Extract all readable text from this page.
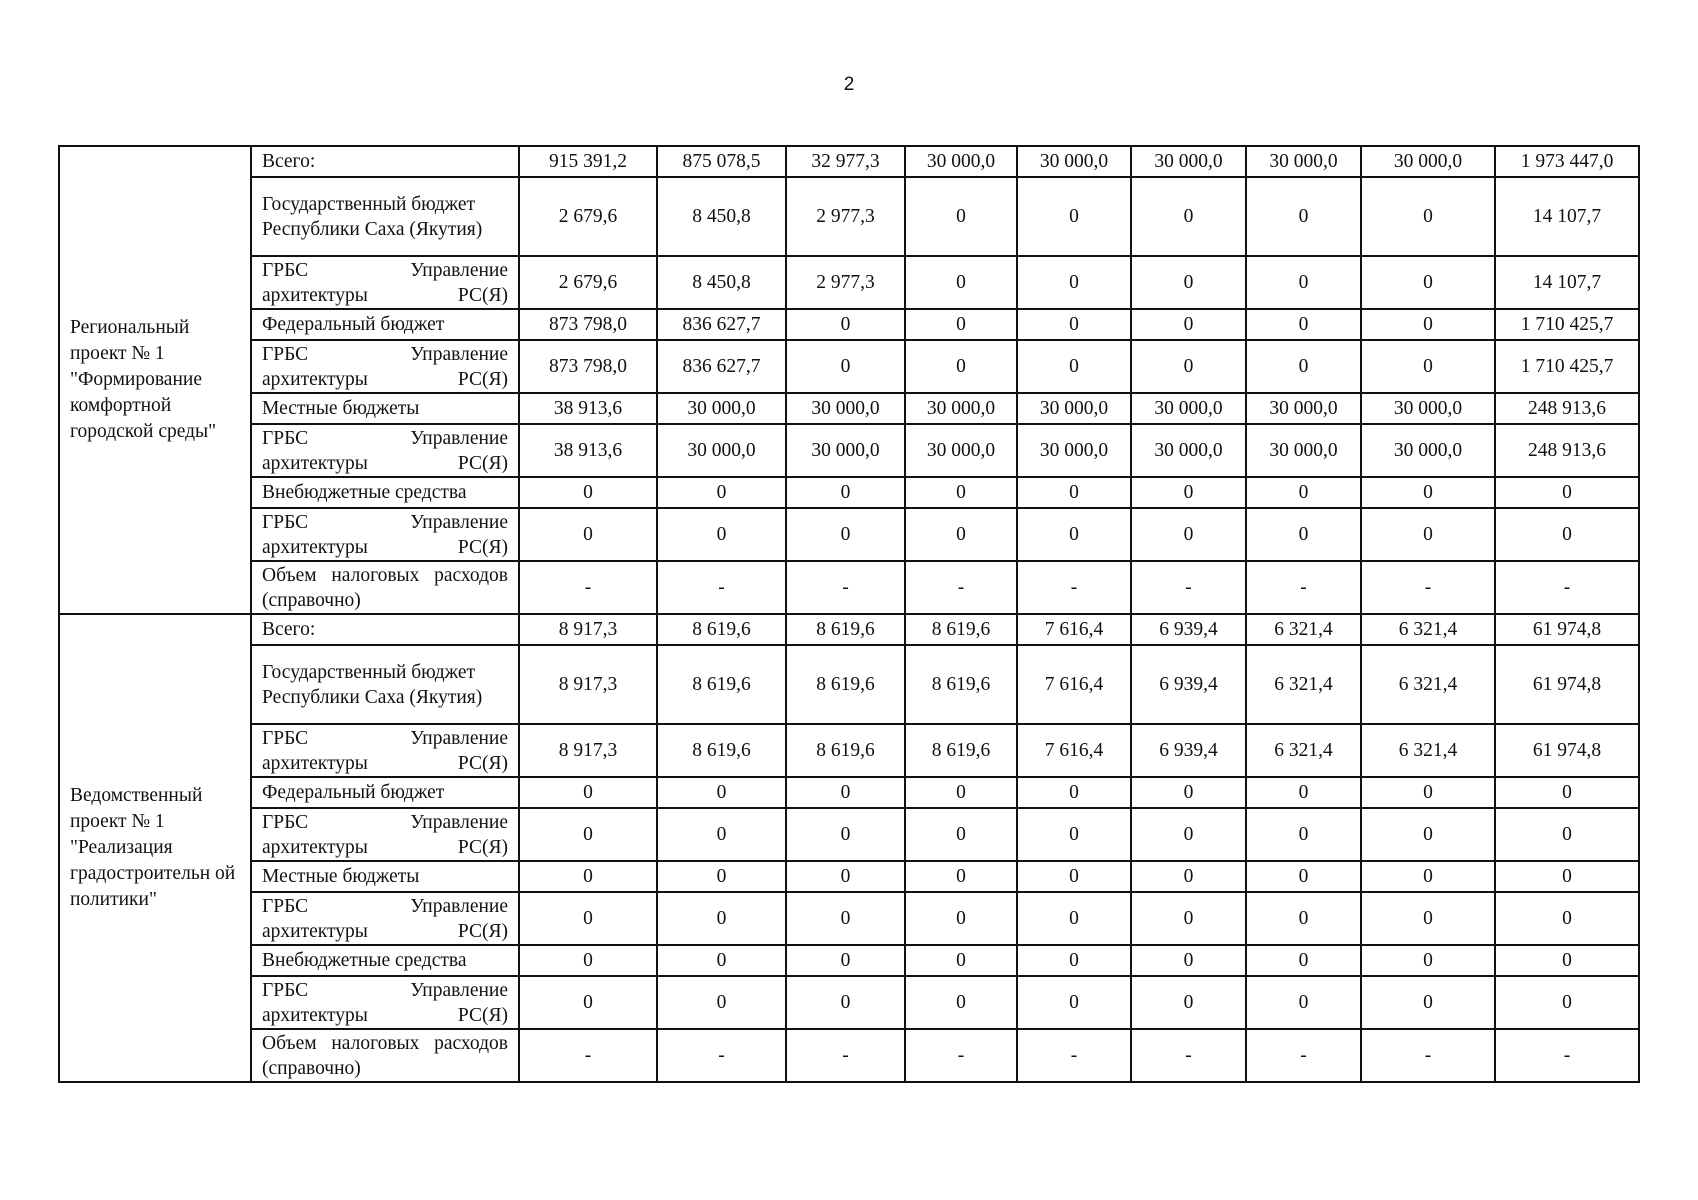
2
Региональный проект № 1 "Формирование комфортной городской среды"	Всего:	915 391,2	875 078,5	32 977,3	30 000,0	30 000,0	30 000,0	30 000,0	30 000,0	1 973 447,0
	Государственный бюджет Республики Саха (Якутия)	2 679,6	8 450,8	2 977,3	0	0	0	0	0	14 107,7
	ГРБС Управление архитектуры РС(Я)	2 679,6	8 450,8	2 977,3	0	0	0	0	0	14 107,7
	Федеральный бюджет	873 798,0	836 627,7	0	0	0	0	0	0	1 710 425,7
	ГРБС Управление архитектуры РС(Я)	873 798,0	836 627,7	0	0	0	0	0	0	1 710 425,7
	Местные бюджеты	38 913,6	30 000,0	30 000,0	30 000,0	30 000,0	30 000,0	30 000,0	30 000,0	248 913,6
	ГРБС Управление архитектуры РС(Я)	38 913,6	30 000,0	30 000,0	30 000,0	30 000,0	30 000,0	30 000,0	30 000,0	248 913,6
	Внебюджетные средства	0	0	0	0	0	0	0	0	0
	ГРБС Управление архитектуры РС(Я)	0	0	0	0	0	0	0	0	0
	Объем налоговых расходов (справочно)	-	-	-	-	-	-	-	-	-
Ведомственный проект № 1 "Реализация градостроительн ой политики"	Всего:	8 917,3	8 619,6	8 619,6	8 619,6	7 616,4	6 939,4	6 321,4	6 321,4	61 974,8
	Государственный бюджет Республики Саха (Якутия)	8 917,3	8 619,6	8 619,6	8 619,6	7 616,4	6 939,4	6 321,4	6 321,4	61 974,8
	ГРБС Управление архитектуры РС(Я)	8 917,3	8 619,6	8 619,6	8 619,6	7 616,4	6 939,4	6 321,4	6 321,4	61 974,8
	Федеральный бюджет	0	0	0	0	0	0	0	0	0
	ГРБС Управление архитектуры РС(Я)	0	0	0	0	0	0	0	0	0
	Местные бюджеты	0	0	0	0	0	0	0	0	0
	ГРБС Управление архитектуры РС(Я)	0	0	0	0	0	0	0	0	0
	Внебюджетные средства	0	0	0	0	0	0	0	0	0
	ГРБС Управление архитектуры РС(Я)	0	0	0	0	0	0	0	0	0
	Объем налоговых расходов (справочно)	-	-	-	-	-	-	-	-	-
